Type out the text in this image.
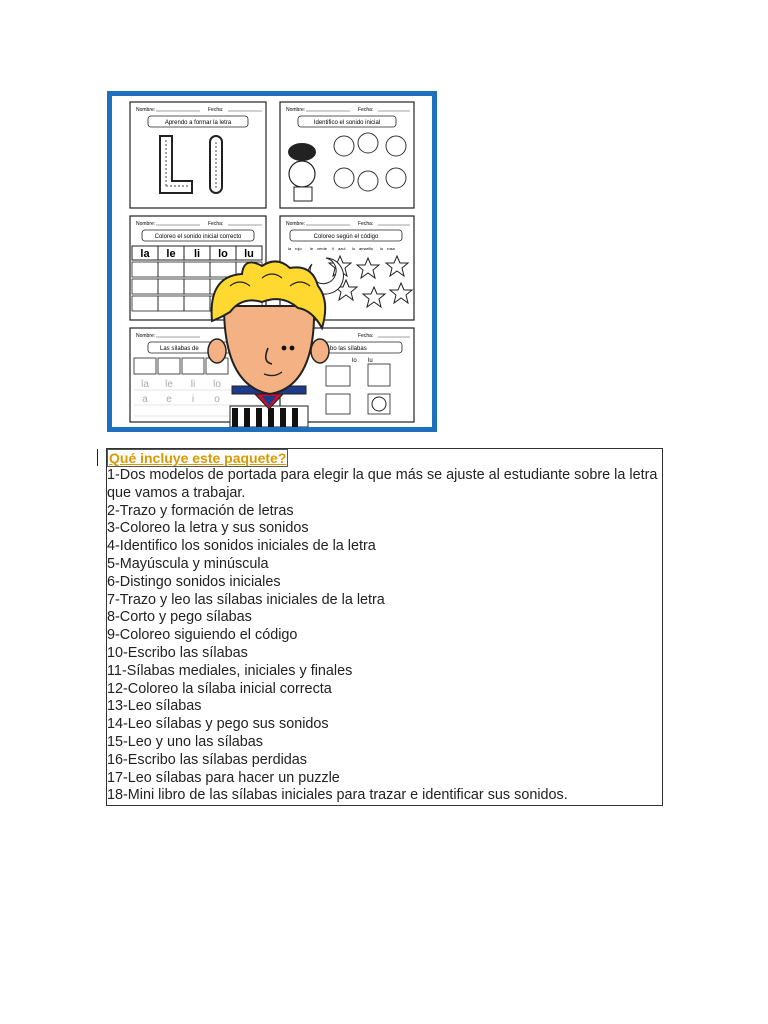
Nombre:	Fecha:
Aprendo a formar la letra
Nombre:	Fecha:
Identifico el sonido inicial
Nombre:	Fecha:
Coloreo el sonido inicial correcto
la le li lo lu
Nombre:	Fecha:
Coloreo según el código
la rojo le verde li azul lo amarillo lu rosa
Nombre:
Las sílabas de
la le li lo
a e i o
Fecha:
bo las sílabas
lo lu
Qué incluye este paquete?
1-Dos modelos de portada para elegir la que más se ajuste al estudiante sobre la letra que vamos a trabajar.
2-Trazo y formación de letras
3-Coloreo la letra y sus sonidos
4-Identifico los sonidos iniciales de la letra
5-Mayúscula y minúscula
6-Distingo sonidos iniciales
7-Trazo y leo las sílabas iniciales de la letra
8-Corto y pego sílabas
9-Coloreo siguiendo el código
10-Escribo las sílabas
11-Sílabas mediales, iniciales y finales
12-Coloreo la sílaba inicial correcta
13-Leo sílabas
14-Leo sílabas y pego sus sonidos
15-Leo y uno las sílabas
16-Escribo las sílabas perdidas
17-Leo sílabas para hacer un puzzle
18-Mini libro de las sílabas iniciales para trazar e identificar sus sonidos.
